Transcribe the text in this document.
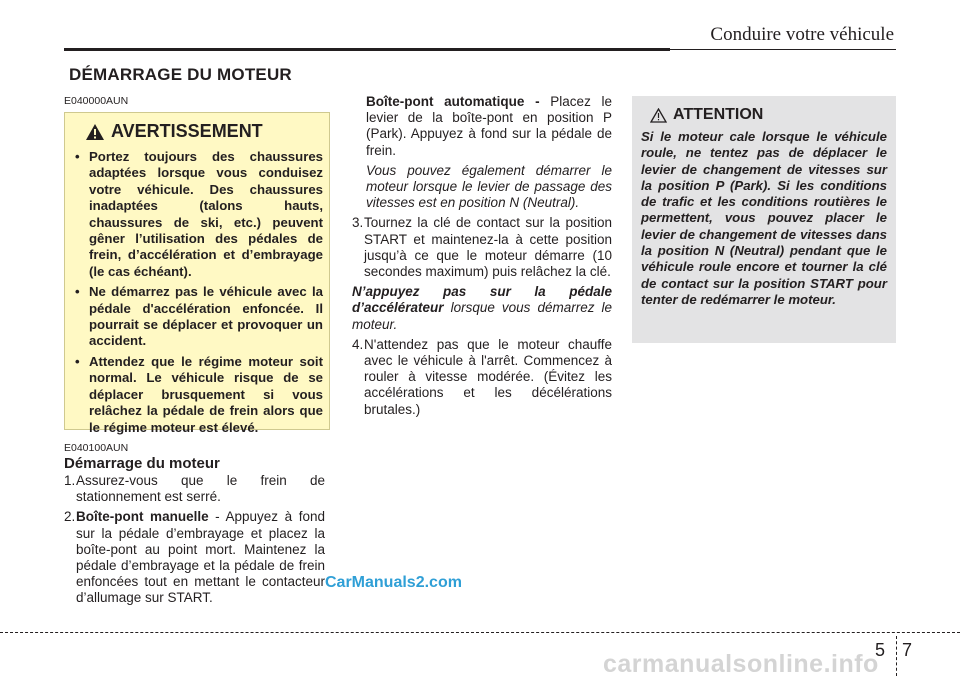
Conduire votre véhicule
DÉMARRAGE DU MOTEUR
E040000AUN
AVERTISSEMENT
• Portez toujours des chaussures adaptées lorsque vous conduisez votre véhicule. Des chaussures inadaptées (talons hauts, chaussures de ski, etc.) peuvent gêner l’utilisation des pédales de frein, d’accélération et d’embrayage (le cas échéant).
• Ne démarrez pas le véhicule avec la pédale d'accélération enfoncée. Il pourrait se déplacer et provoquer un accident.
• Attendez que le régime moteur soit normal. Le véhicule risque de se déplacer brusquement si vous relâchez la pédale de frein alors que le régime moteur est élevé.
E040100AUN
Démarrage du moteur
1. Assurez-vous que le frein de stationnement est serré.
2. Boîte-pont manuelle - Appuyez à fond sur la pédale d’embrayage et placez la boîte-pont au point mort. Maintenez la pédale d’embrayage et la pédale de frein enfoncées tout en mettant le contacteur d’allumage sur START.
Boîte-pont automatique - Placez le levier de la boîte-pont en position P (Park). Appuyez à fond sur la pédale de frein.
Vous pouvez également démarrer le moteur lorsque le levier de passage des vitesses est en position N (Neutral).
3. Tournez la clé de contact sur la position START et maintenez-la à cette position jusqu’à ce que le moteur démarre (10 secondes maximum) puis relâchez la clé.
N’appuyez pas sur la pédale d’accélérateur lorsque vous démarrez le moteur.
4. N'attendez pas que le moteur chauffe avec le véhicule à l'arrêt. Commencez à rouler à vitesse modérée. (Évitez les accélérations et les décélérations brutales.)
ATTENTION
Si le moteur cale lorsque le véhicule roule, ne tentez pas de déplacer le levier de changement de vitesses sur la position P (Park). Si les conditions de trafic et les conditions routières le permettent, vous pouvez placer le levier de changement de vitesses dans la position N (Neutral) pendant que le véhicule roule encore et tourner la clé de contact sur la position START pour tenter de redémarrer le moteur.
CarManuals2.com
5 7
carmanualsonline.info
